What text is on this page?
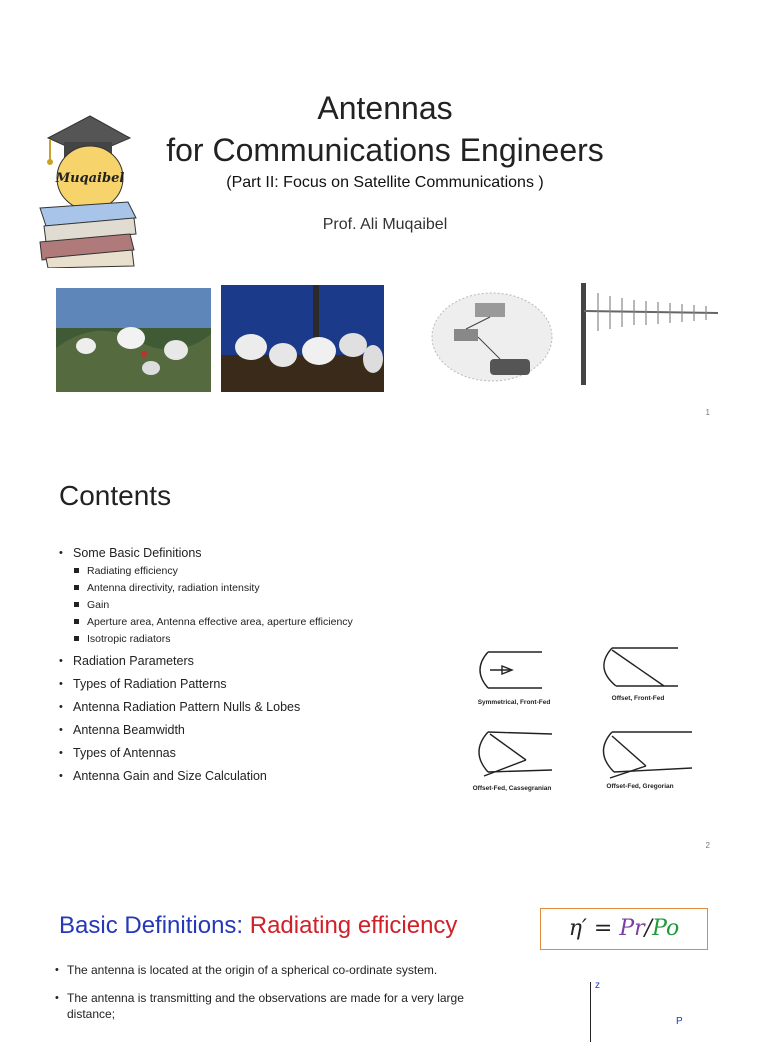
Muqaibel
Antennas
for Communications Engineers
(Part II: Focus on Satellite Communications )
Prof. Ali Muqaibel
1
Contents
• Some Basic Definitions
Radiating efficiency
Antenna directivity, radiation intensity
Gain
Aperture area, Antenna effective area, aperture efficiency
Isotropic radiators
• Radiation Parameters
• Types of Radiation Patterns
• Antenna Radiation Pattern Nulls & Lobes
• Antenna Beamwidth
• Types of Antennas
• Antenna Gain and Size Calculation
Symmetrical, Front-Fed
Offset, Front-Fed
Offset-Fed, Cassegranian	Offset-Fed, Gregorian
2
Basic Definitions: Radiating efficiency	η′ = Pr/Po
• The antenna is located at the origin of a spherical co-ordinate system.
• The antenna is transmitting and the observations are made for a very large distance;
z
P
